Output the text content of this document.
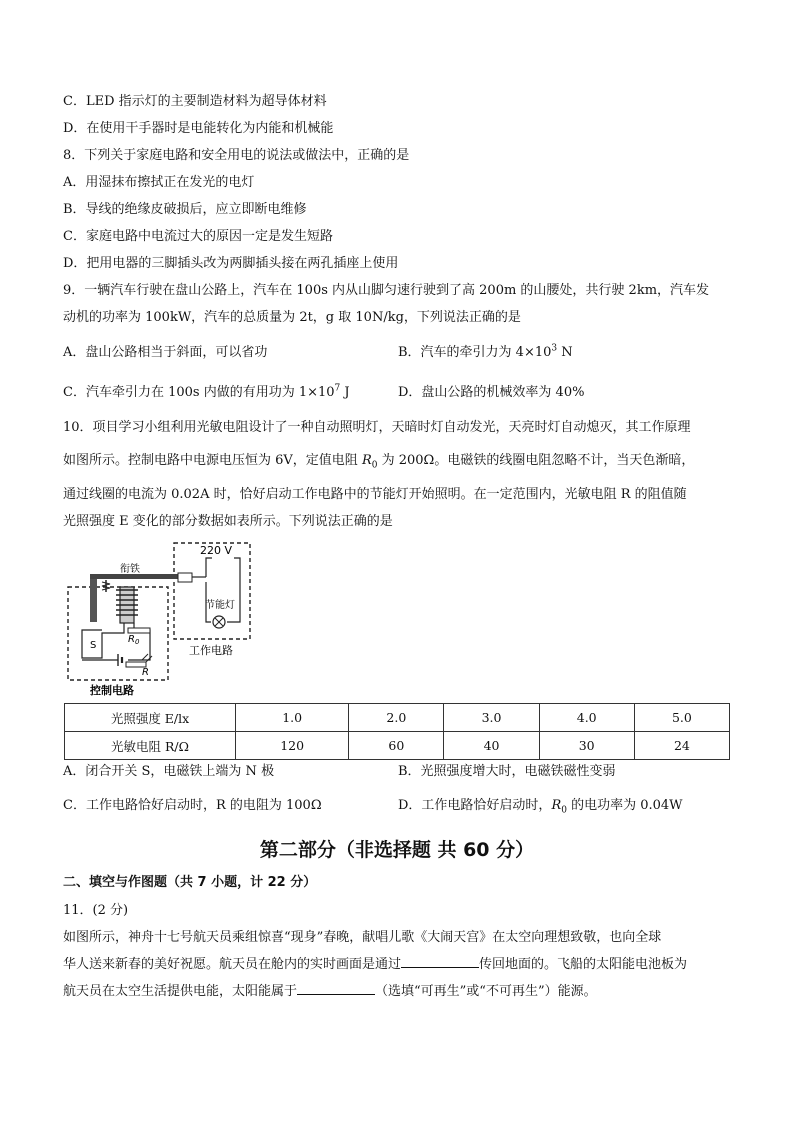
C．LED 指示灯的主要制造材料为超导体材料
D．在使用干手器时是电能转化为内能和机械能
8．下列关于家庭电路和安全用电的说法或做法中，正确的是
A．用湿抹布擦拭正在发光的电灯
B．导线的绝缘皮破损后，应立即断电维修
C．家庭电路中电流过大的原因一定是发生短路
D．把用电器的三脚插头改为两脚插头接在两孔插座上使用
9．一辆汽车行驶在盘山公路上，汽车在 100s 内从山脚匀速行驶到了高 200m 的山腰处，共行驶 2km，汽车发
动机的功率为 100kW，汽车的总质量为 2t，g 取 10N/kg，下列说法正确的是
A．盘山公路相当于斜面，可以省功	B．汽车的牵引力为 $4\times 10^3$ N
C．汽车牵引力在 100s 内做的有用功为 $1\times 10^7$ J	D．盘山公路的机械效率为 40%
10．项目学习小组利用光敏电阻设计了一种自动照明灯，天暗时灯自动发光，天亮时灯自动熄灭，其工作原理
如图所示。控制电路中电源电压恒为 6V，定值电阻 $R_0$ 为 200Ω。电磁铁的线圈电阻忽略不计，当天色渐暗，
通过线圈的电流为 0.02A 时，恰好启动工作电路中的节能灯开始照明。在一定范围内，光敏电阻 R 的阻值随
光照强度 E 变化的部分数据如表所示。下列说法正确的是
220 V
节能灯
工作电路
衔铁
S
$R_0$
R
控制电路
光照强度 E/lx	1.0	2.0	3.0	4.0	5.0
光敏电阻 R/Ω	120	60	40	30	24
A．闭合开关 S，电磁铁上端为 N 极	B．光照强度增大时，电磁铁磁性变弱
C．工作电路恰好启动时，R 的电阻为 100Ω	D．工作电路恰好启动时，$R_0$ 的电功率为 0.04W
第二部分（非选择题 共 60 分）
二、填空与作图题（共 7 小题，计 22 分）
11．(2 分)
如图所示，神舟十七号航天员乘组惊喜“现身”春晚，献唱儿歌《大闹天宫》在太空向理想致敬，也向全球
华人送来新春的美好祝愿。航天员在舱内的实时画面是通过	传回地面的。飞船的太阳能电池板为
航天员在太空生活提供电能，太阳能属于	（选填“可再生”或“不可再生”）能源。
